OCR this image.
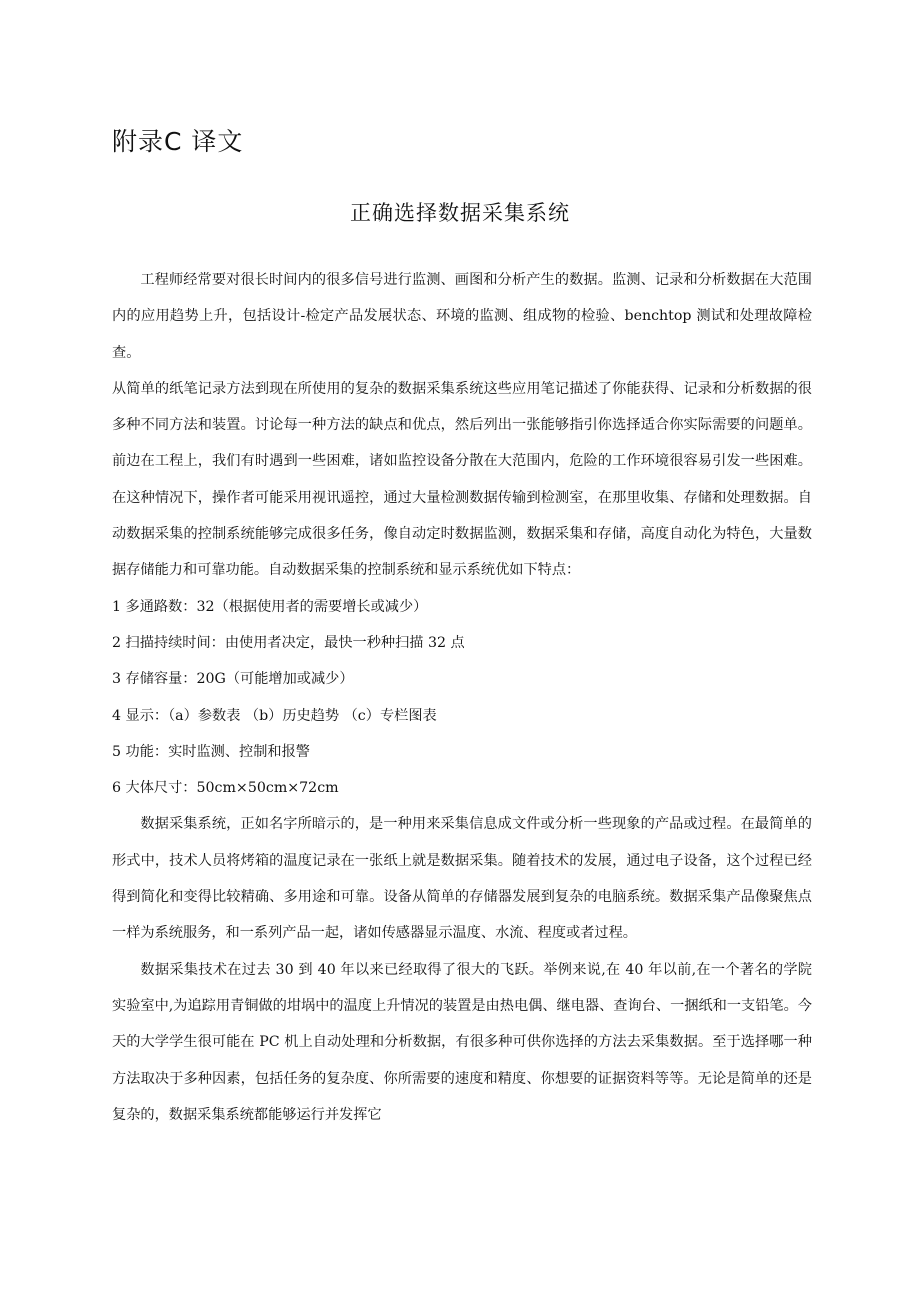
附录C 译文
正确选择数据采集系统

工程师经常要对很长时间内的很多信号进行监测、画图和分析产生的数据。监测、记录和分析数据在大范围内的应用趋势上升，包括设计-检定产品发展状态、环境的监测、组成物的检验、benchtop 测试和处理故障检查。

从简单的纸笔记录方法到现在所使用的复杂的数据采集系统这些应用笔记描述了你能获得、记录和分析数据的很多种不同方法和装置。讨论每一种方法的缺点和优点，然后列出一张能够指引你选择适合你实际需要的问题单。前边在工程上，我们有时遇到一些困难，诸如监控设备分散在大范围内，危险的工作环境很容易引发一些困难。在这种情况下，操作者可能采用视讯遥控，通过大量检测数据传输到检测室，在那里收集、存储和处理数据。自动数据采集的控制系统能够完成很多任务，像自动定时数据监测，数据采集和存储，高度自动化为特色，大量数据存储能力和可靠功能。自动数据采集的控制系统和显示系统优如下特点：

1 多通路数：32（根据使用者的需要增长或减少）

2 扫描持续时间：由使用者决定，最快一秒种扫描 32 点

3 存储容量：20G（可能增加或减少）

4 显示：（a）参数表 （b）历史趋势 （c）专栏图表

5 功能：实时监测、控制和报警

6 大体尺寸：50cm×50cm×72cm

数据采集系统，正如名字所暗示的，是一种用来采集信息成文件或分析一些现象的产品或过程。在最简单的形式中，技术人员将烤箱的温度记录在一张纸上就是数据采集。随着技术的发展，通过电子设备，这个过程已经得到简化和变得比较精确、多用途和可靠。设备从简单的存储器发展到复杂的电脑系统。数据采集产品像聚焦点一样为系统服务，和一系列产品一起，诸如传感器显示温度、水流、程度或者过程。

数据采集技术在过去 30 到 40 年以来已经取得了很大的飞跃。举例来说,在 40 年以前,在一个著名的学院实验室中,为追踪用青铜做的坩埚中的温度上升情况的装置是由热电偶、继电器、查询台、一捆纸和一支铅笔。今天的大学学生很可能在 PC 机上自动处理和分析数据，有很多种可供你选择的方法去采集数据。至于选择哪一种方法取决于多种因素，包括任务的复杂度、你所需要的速度和精度、你想要的证据资料等等。无论是简单的还是复杂的，数据采集系统都能够运行并发挥它
